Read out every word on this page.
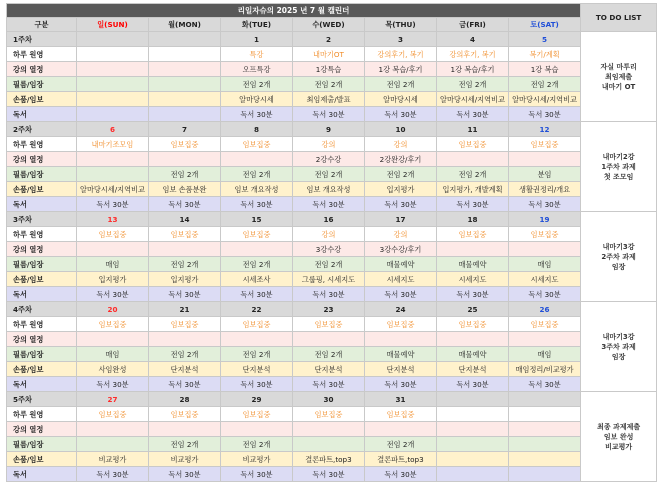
리일자슈의 2025 년 7 월 캘린더								TO DO LIST
구분	일(SUN)	월(MON)	화(TUE)	수(WED)	목(THU)	금(FRI)	토(SAT)	
1주차			1	2	3	4	5	자실 마투리
최임제출
내마기 OT

하루 원영			특강	내마기OT	강의후기, 복기	강의후기, 복기	복기/계획	
강의 열정			오프특강	1강특습	1강 복습/후기	1강 복습/후기	1강 복습	
필름/임장			전임 2개	전임 2개	전임 2개	전임 2개	전임 2개	
손품/임보			알마당시세	최임제출/발표	알마당시세	알마당시세/지역비교	알마당시세/지역비교	
독서			독서 30분	독서 30분	독서 30분	독서 30분	독서 30분	
2주차	6	7	8	9	10	11	12	내마기2강
1주차 과제
첫 조모임

하루 원영	내마기조모임	임보집중	임보집중	강의	강의	임보집중	임보집중	
강의 열정				2강수강	2강완강/후기			
필름/임장		전임 2개	전임 2개	전임 2개	전임 2개	전임 2개	분임	
손품/임보	알마당시세/지역비교	임보 손품분완	임보 개요작성	임보 개요작성	입지평가	입지평가, 개발계획	생활권정리/개요	
독서	독서 30분	독서 30분	독서 30분	독서 30분	독서 30분	독서 30분	독서 30분	
3주차	13	14	15	16	17	18	19	내마기3강
2주차 과제
임장

하루 원영	임보집중	임보집중	임보집중	강의	강의	임보집중	임보집중	
강의 열정				3강수강	3강수강/후기			
필름/임장	매임	전임 2개	전임 2개	전임 2개	매물예약	매물예약	매임	
손품/임보	입지평가	입지평가	시세조사	그룹핑, 시세지도	시세지도	시세지도	시세지도	
독서	독서 30분	독서 30분	독서 30분	독서 30분	독서 30분	독서 30분	독서 30분	
4주차	20	21	22	23	24	25	26	내마기3강
3주차 과제
임장

하루 원영	임보집중	임보집중	임보집중	임보집중	임보집중	임보집중	임보집중	
강의 열정								
필름/임장	매임	전임 2개	전임 2개	전임 2개	매물예약	매물예약	매임	
손품/임보	사임완성	단지분석	단지분석	단지분석	단지분석	단지분석	매임정리/비교평가	
독서	독서 30분	독서 30분	독서 30분	독서 30분	독서 30분	독서 30분	독서 30분	
5주차	27	28	29	30	31			최종 과제제출
임보 완성
비교평가

하루 원영	임보집중	임보집중	임보집중	임보집중	임보집중			
강의 열정								
필름/임장		전임 2개	전임 2개		전임 2개			
손품/임보	비교평가	비교평가	비교평가	결론파트,top3	결론파트,top3			
독서	독서 30분	독서 30분	독서 30분	독서 30분	독서 30분			
